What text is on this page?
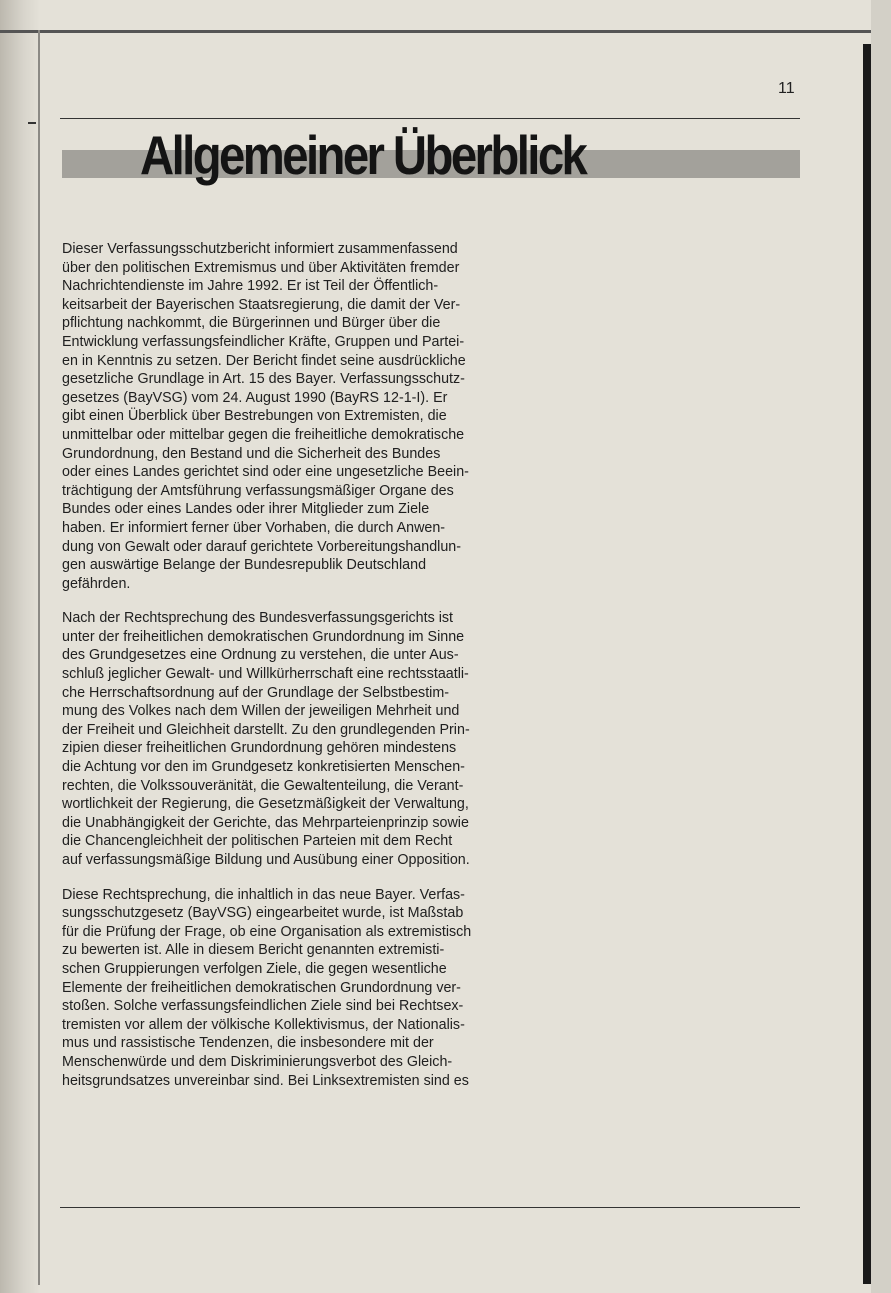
11
Allgemeiner Überblick

Dieser Verfassungsschutzbericht informiert zusammenfassend
über den politischen Extremismus und über Aktivitäten fremder
Nachrichtendienste im Jahre 1992. Er ist Teil der Öffentlich-
keitsarbeit der Bayerischen Staatsregierung, die damit der Ver-
pflichtung nachkommt, die Bürgerinnen und Bürger über die
Entwicklung verfassungsfeindlicher Kräfte, Gruppen und Partei-
en in Kenntnis zu setzen. Der Bericht findet seine ausdrückliche
gesetzliche Grundlage in Art. 15 des Bayer. Verfassungsschutz-
gesetzes (BayVSG) vom 24. August 1990 (BayRS 12-1-I). Er
gibt einen Überblick über Bestrebungen von Extremisten, die
unmittelbar oder mittelbar gegen die freiheitliche demokratische
Grundordnung, den Bestand und die Sicherheit des Bundes
oder eines Landes gerichtet sind oder eine ungesetzliche Beein-
trächtigung der Amtsführung verfassungsmäßiger Organe des
Bundes oder eines Landes oder ihrer Mitglieder zum Ziele
haben. Er informiert ferner über Vorhaben, die durch Anwen-
dung von Gewalt oder darauf gerichtete Vorbereitungshandlun-
gen auswärtige Belange der Bundesrepublik Deutschland
gefährden.

Nach der Rechtsprechung des Bundesverfassungsgerichts ist
unter der freiheitlichen demokratischen Grundordnung im Sinne
des Grundgesetzes eine Ordnung zu verstehen, die unter Aus-
schluß jeglicher Gewalt- und Willkürherrschaft eine rechtsstaatli-
che Herrschaftsordnung auf der Grundlage der Selbstbestim-
mung des Volkes nach dem Willen der jeweiligen Mehrheit und
der Freiheit und Gleichheit darstellt. Zu den grundlegenden Prin-
zipien dieser freiheitlichen Grundordnung gehören mindestens
die Achtung vor den im Grundgesetz konkretisierten Menschen-
rechten, die Volkssouveränität, die Gewaltenteilung, die Verant-
wortlichkeit der Regierung, die Gesetzmäßigkeit der Verwaltung,
die Unabhängigkeit der Gerichte, das Mehrparteienprinzip sowie
die Chancengleichheit der politischen Parteien mit dem Recht
auf verfassungsmäßige Bildung und Ausübung einer Opposition.

Diese Rechtsprechung, die inhaltlich in das neue Bayer. Verfas-
sungsschutzgesetz (BayVSG) eingearbeitet wurde, ist Maßstab
für die Prüfung der Frage, ob eine Organisation als extremistisch
zu bewerten ist. Alle in diesem Bericht genannten extremisti-
schen Gruppierungen verfolgen Ziele, die gegen wesentliche
Elemente der freiheitlichen demokratischen Grundordnung ver-
stoßen. Solche verfassungsfeindlichen Ziele sind bei Rechtsex-
tremisten vor allem der völkische Kollektivismus, der Nationalis-
mus und rassistische Tendenzen, die insbesondere mit der
Menschenwürde und dem Diskriminierungsverbot des Gleich-
heitsgrundsatzes unvereinbar sind. Bei Linksextremisten sind es
